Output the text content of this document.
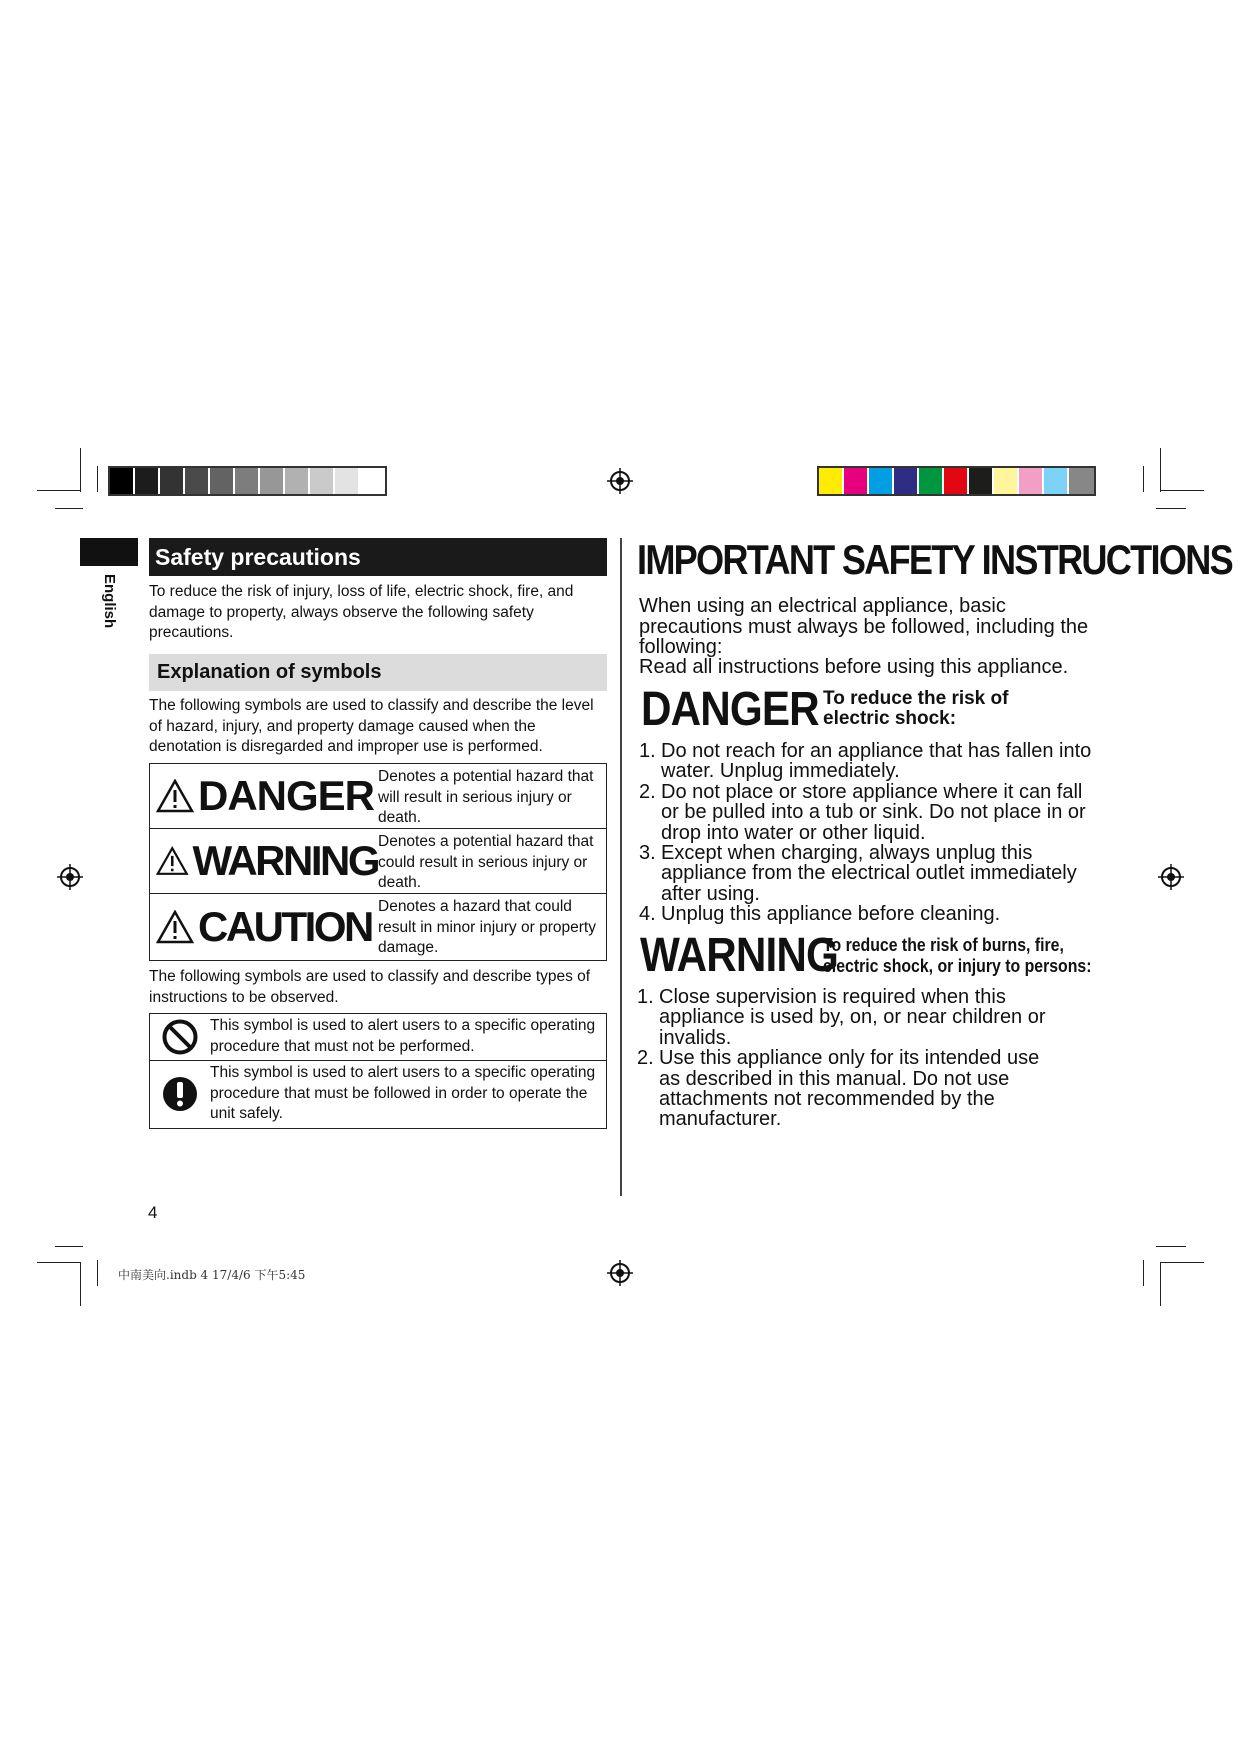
English
Safety precautions
To reduce the risk of injury, loss of life, electric shock, fire, and damage to property, always observe the following safety precautions.
Explanation of symbols
The following symbols are used to classify and describe the level of hazard, injury, and property damage caused when the denotation is disregarded and improper use is performed.
DANGER Denotes a potential hazard that will result in serious injury or death.
WARNING Denotes a potential hazard that could result in serious injury or death.
CAUTION Denotes a hazard that could result in minor injury or property damage.
The following symbols are used to classify and describe types of instructions to be observed.
This symbol is used to alert users to a specific operating procedure that must not be performed.
This symbol is used to alert users to a specific operating procedure that must be followed in order to operate the unit safely.
4
中南美向.indb 4 17/4/6 下午5:45
IMPORTANT SAFETY INSTRUCTIONS
When using an electrical appliance, basic precautions must always be followed, including the following:
Read all instructions before using this appliance.
DANGER To reduce the risk of electric shock:
1. Do not reach for an appliance that has fallen into water. Unplug immediately.
2. Do not place or store appliance where it can fall or be pulled into a tub or sink. Do not place in or drop into water or other liquid.
3. Except when charging, always unplug this appliance from the electrical outlet immediately after using.
4. Unplug this appliance before cleaning.
WARNING
To reduce the risk of burns, fire,
electric shock, or injury to persons:
1. Close supervision is required when this appliance is used by, on, or near children or invalids.
2. Use this appliance only for its intended use as described in this manual. Do not use attachments not recommended by the manufacturer.
